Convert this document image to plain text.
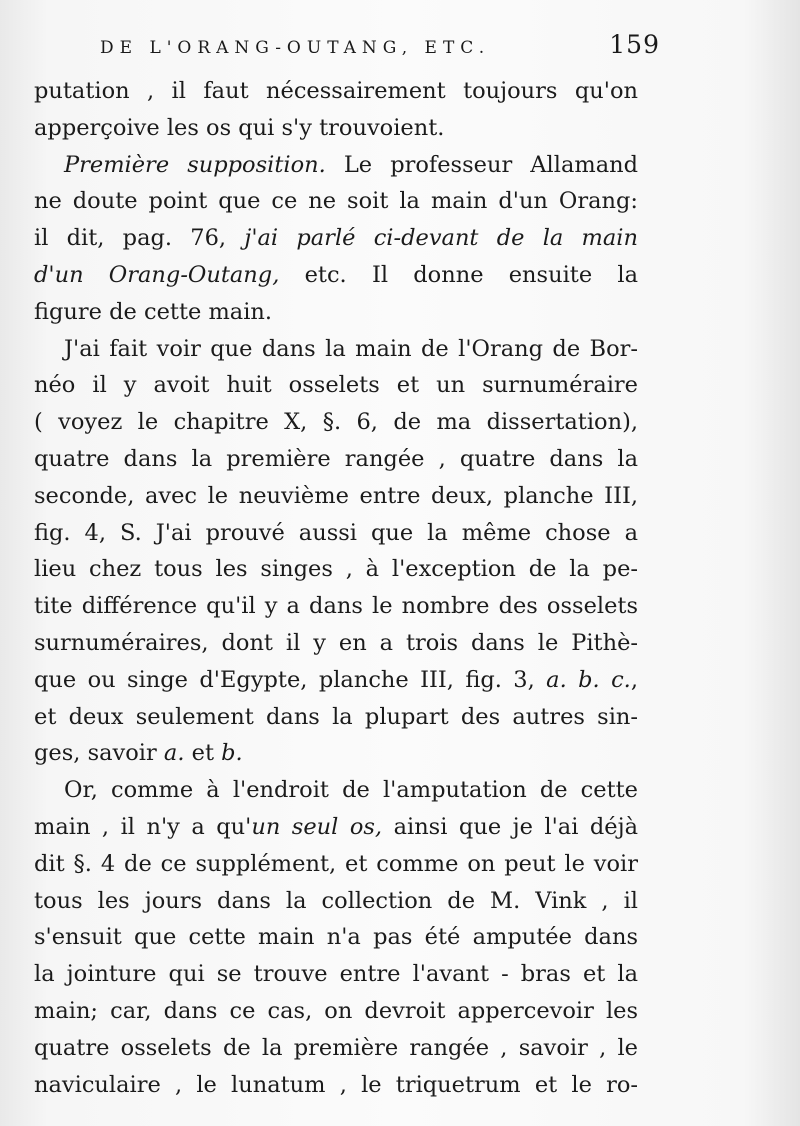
DE L'ORANG-OUTANG, ETC.	159
putation , il faut nécessairement toujours qu'on
apperçoive les os qui s'y trouvoient.
Première supposition. Le professeur Allamand
ne doute point que ce ne soit la main d'un Orang:
il dit, pag. 76, j'ai parlé ci-devant de la main
d'un Orang-Outang, etc. Il donne ensuite la
figure de cette main.
J'ai fait voir que dans la main de l'Orang de Bor-
néo il y avoit huit osselets et un surnuméraire
( voyez le chapitre X, §. 6, de ma dissertation),
quatre dans la première rangée , quatre dans la
seconde, avec le neuvième entre deux, planche III,
fig. 4, S. J'ai prouvé aussi que la même chose a
lieu chez tous les singes , à l'exception de la pe-
tite différence qu'il y a dans le nombre des osselets
surnuméraires, dont il y en a trois dans le Pithè-
que ou singe d'Egypte, planche III, fig. 3, a. b. c.,
et deux seulement dans la plupart des autres sin-
ges, savoir a. et b.
Or, comme à l'endroit de l'amputation de cette
main , il n'y a qu'un seul os, ainsi que je l'ai déjà
dit §. 4 de ce supplément, et comme on peut le voir
tous les jours dans la collection de M. Vink , il
s'ensuit que cette main n'a pas été amputée dans
la jointure qui se trouve entre l'avant - bras et la
main; car, dans ce cas, on devroit appercevoir les
quatre osselets de la première rangée , savoir , le
naviculaire , le lunatum , le triquetrum et le ro-
